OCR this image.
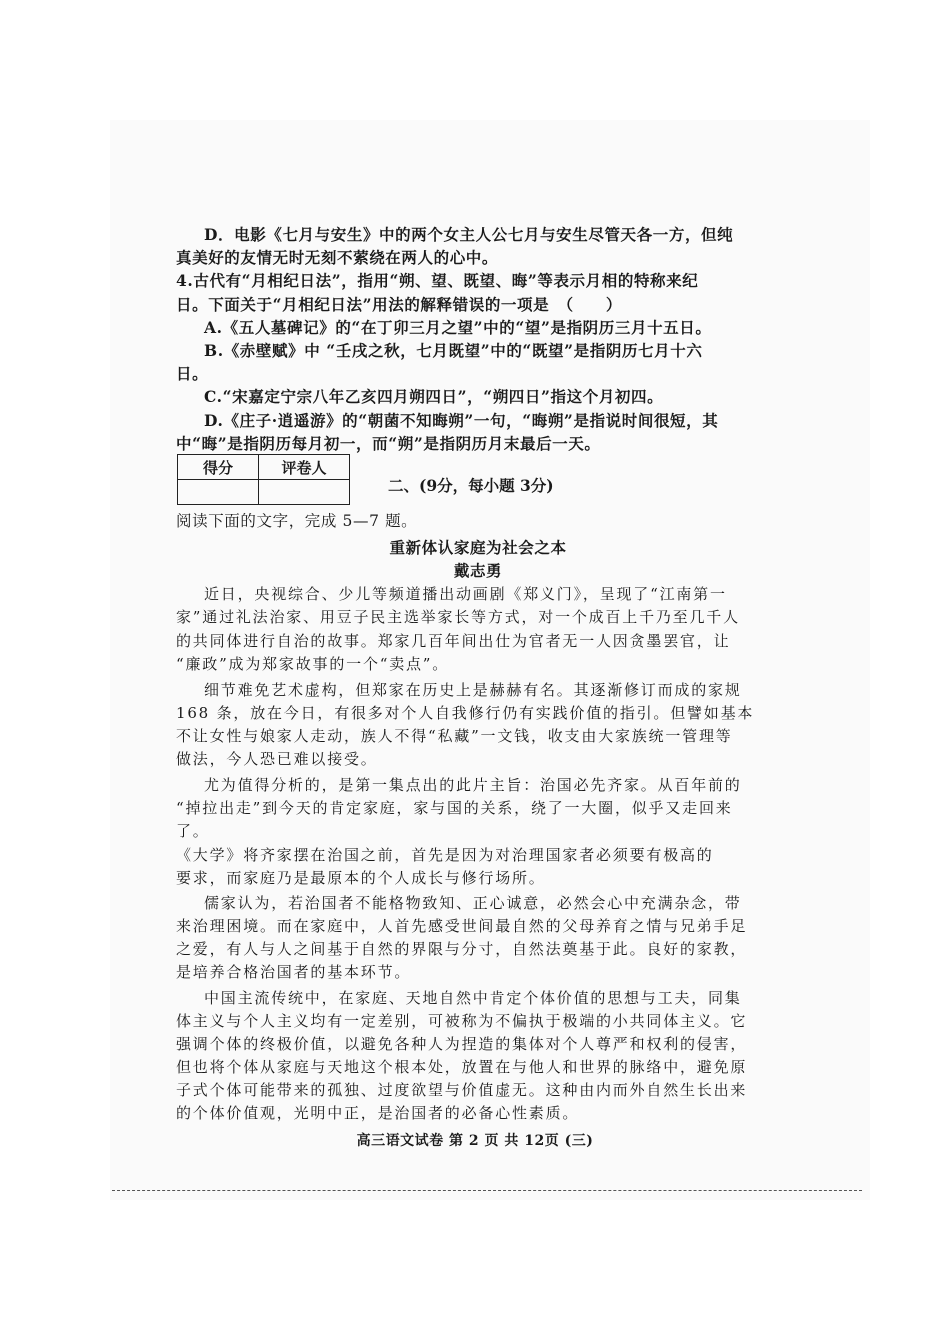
D．电影《七月与安生》中的两个女主人公七月与安生尽管天各一方，但纯
真美好的友情无时无刻不萦绕在两人的心中。
4.古代有“月相纪日法”，指用“朔、望、既望、晦”等表示月相的特称来纪
日。下面关于“月相纪日法”用法的解释错误的一项是　（　　）
A.《五人墓碑记》的“在丁卯三月之望”中的“望”是指阴历三月十五日。
B.《赤壁赋》中 “壬戌之秋，七月既望”中的“既望”是指阴历七月十六
日。
C.“宋嘉定宁宗八年乙亥四月朔四日”，“朔四日”指这个月初四。
D.《庄子·逍遥游》的“朝菌不知晦朔”一句，“晦朔”是指说时间很短，其
中“晦”是指阴历每月初一，而“朔”是指阴历月末最后一天。
得分	评卷人

二、(9分，每小题 3分)
阅读下面的文字，完成 5—7 题。
重新体认家庭为社会之本
戴志勇
近日，央视综合、少儿等频道播出动画剧《郑义门》，呈现了“江南第一
家”通过礼法治家、用豆子民主选举家长等方式，对一个成百上千乃至几千人
的共同体进行自治的故事。郑家几百年间出仕为官者无一人因贪墨罢官，让
“廉政”成为郑家故事的一个“卖点”。
细节难免艺术虚构，但郑家在历史上是赫赫有名。其逐渐修订而成的家规
168 条，放在今日，有很多对个人自我修行仍有实践价值的指引。但譬如基本
不让女性与娘家人走动，族人不得“私藏”一文钱，收支由大家族统一管理等
做法，今人恐已难以接受。
尤为值得分析的，是第一集点出的此片主旨：治国必先齐家。从百年前的
“掉拉出走”到今天的肯定家庭，家与国的关系，绕了一大圈，似乎又走回来
了。
《大学》将齐家摆在治国之前，首先是因为对治理国家者必须要有极高的
要求，而家庭乃是最原本的个人成长与修行场所。
儒家认为，若治国者不能格物致知、正心诚意，必然会心中充满杂念，带
来治理困境。而在家庭中，人首先感受世间最自然的父母养育之情与兄弟手足
之爱，有人与人之间基于自然的界限与分寸，自然法奠基于此。良好的家教，
是培养合格治国者的基本环节。
中国主流传统中，在家庭、天地自然中肯定个体价值的思想与工夫，同集
体主义与个人主义均有一定差别，可被称为不偏执于极端的小共同体主义。它
强调个体的终极价值，以避免各种人为捏造的集体对个人尊严和权利的侵害，
但也将个体从家庭与天地这个根本处，放置在与他人和世界的脉络中，避免原
子式个体可能带来的孤独、过度欲望与价值虚无。这种由内而外自然生长出来
的个体价值观，光明中正，是治国者的必备心性素质。
高三语文试卷 第 2 页 共 12页 (三)
